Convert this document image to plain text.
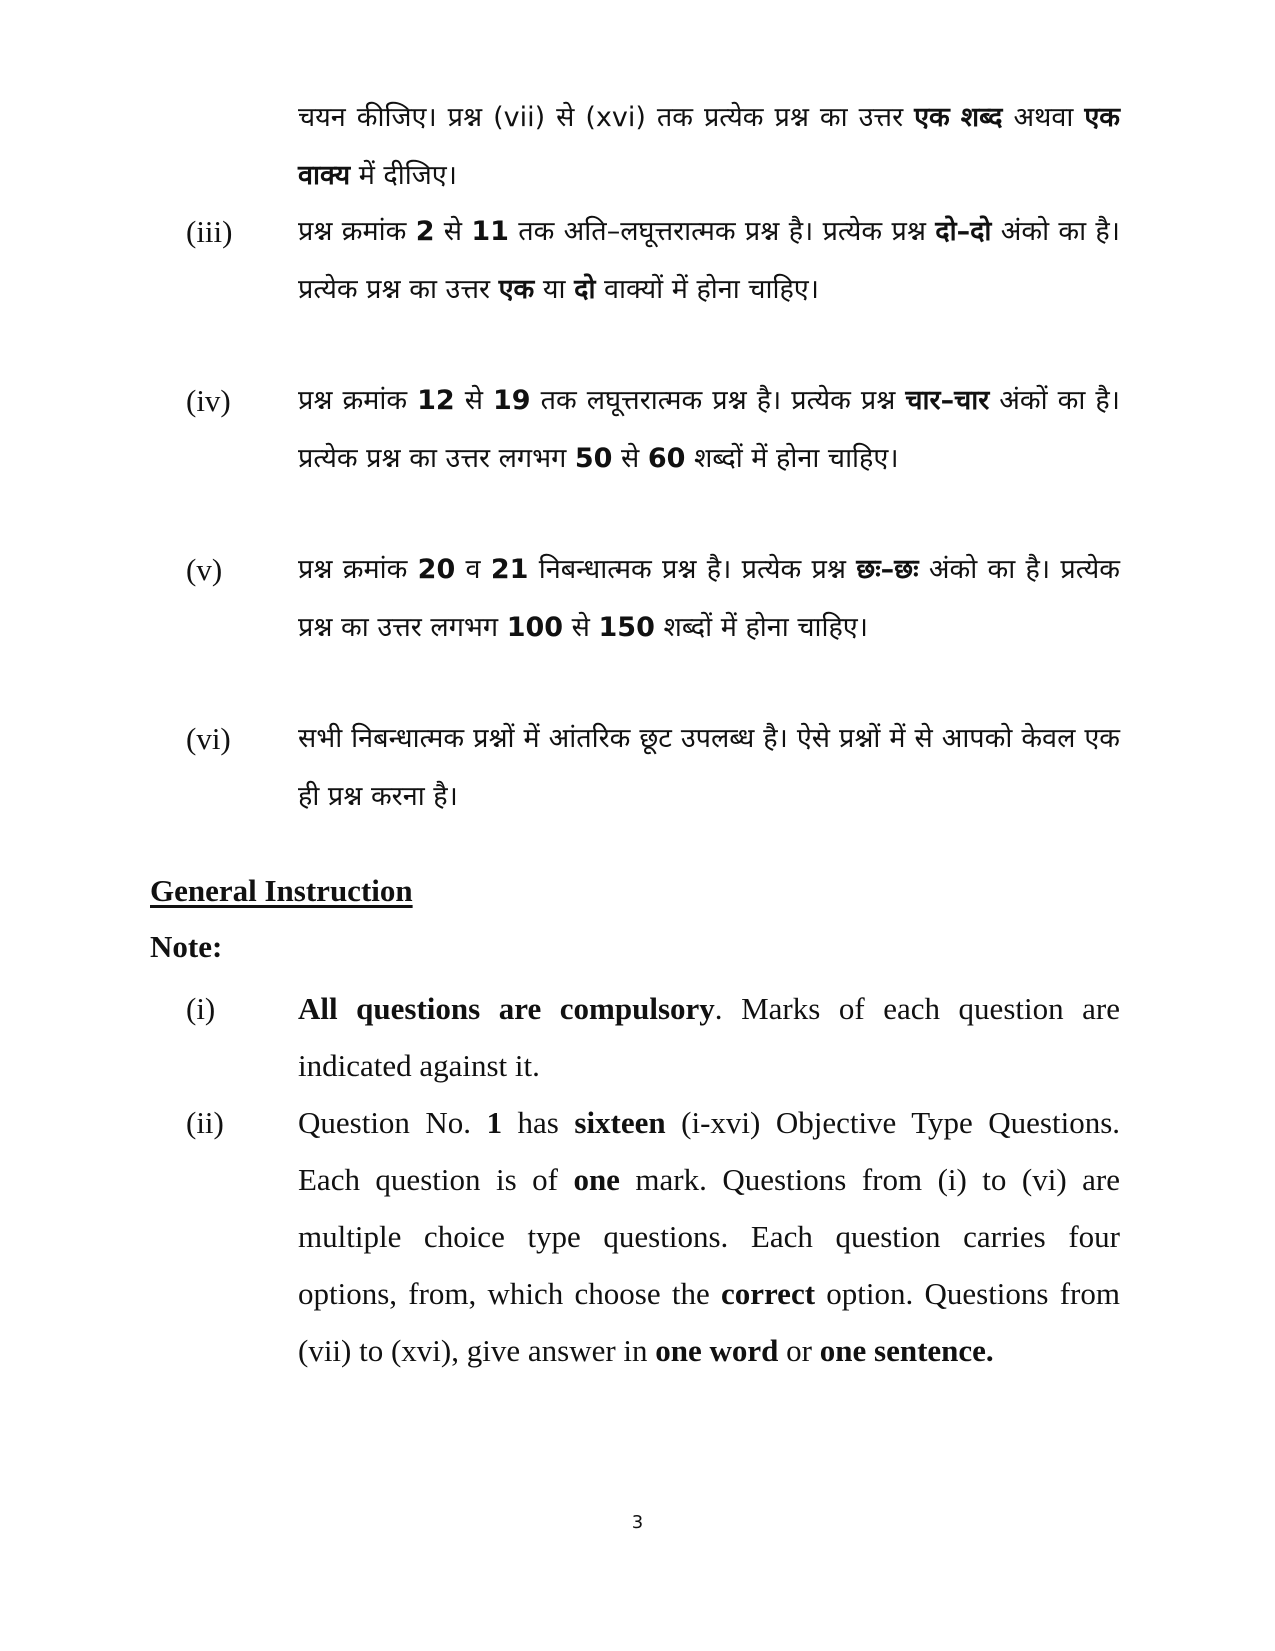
चयन कीजिए। प्रश्न (vii) से (xvi) तक प्रत्येक प्रश्न का उत्तर एक शब्द अथवा एक वाक्य में दीजिए।
(iii) प्रश्न क्रमांक 2 से 11 तक अति–लघूत्तरात्मक प्रश्न है। प्रत्येक प्रश्न दो–दो अंको का है। प्रत्येक प्रश्न का उत्तर एक या दो वाक्यों में होना चाहिए।
(iv) प्रश्न क्रमांक 12 से 19 तक लघूत्तरात्मक प्रश्न है। प्रत्येक प्रश्न चार–चार अंकों का है। प्रत्येक प्रश्न का उत्तर लगभग 50 से 60 शब्दों में होना चाहिए।
(v)	प्रश्न क्रमांक 20 व 21 निबन्धात्मक प्रश्न है। प्रत्येक प्रश्न छः–छः अंको का है। प्रत्येक प्रश्न का उत्तर लगभग 100 से 150 शब्दों में होना चाहिए।
(vi) सभी निबन्धात्मक प्रश्नों में आंतरिक छूट उपलब्ध है। ऐसे प्रश्नों में से आपको केवल एक ही प्रश्न करना है।
General Instruction
Note:
(i)	All questions are compulsory. Marks of each question are indicated against it.
(ii) Question No. 1 has sixteen (i-xvi) Objective Type Questions. Each question is of one mark. Questions from (i) to (vi) are multiple choice type questions. Each question carries four options, from, which choose the correct option. Questions from (vii) to (xvi), give answer in one word or one sentence.
3
